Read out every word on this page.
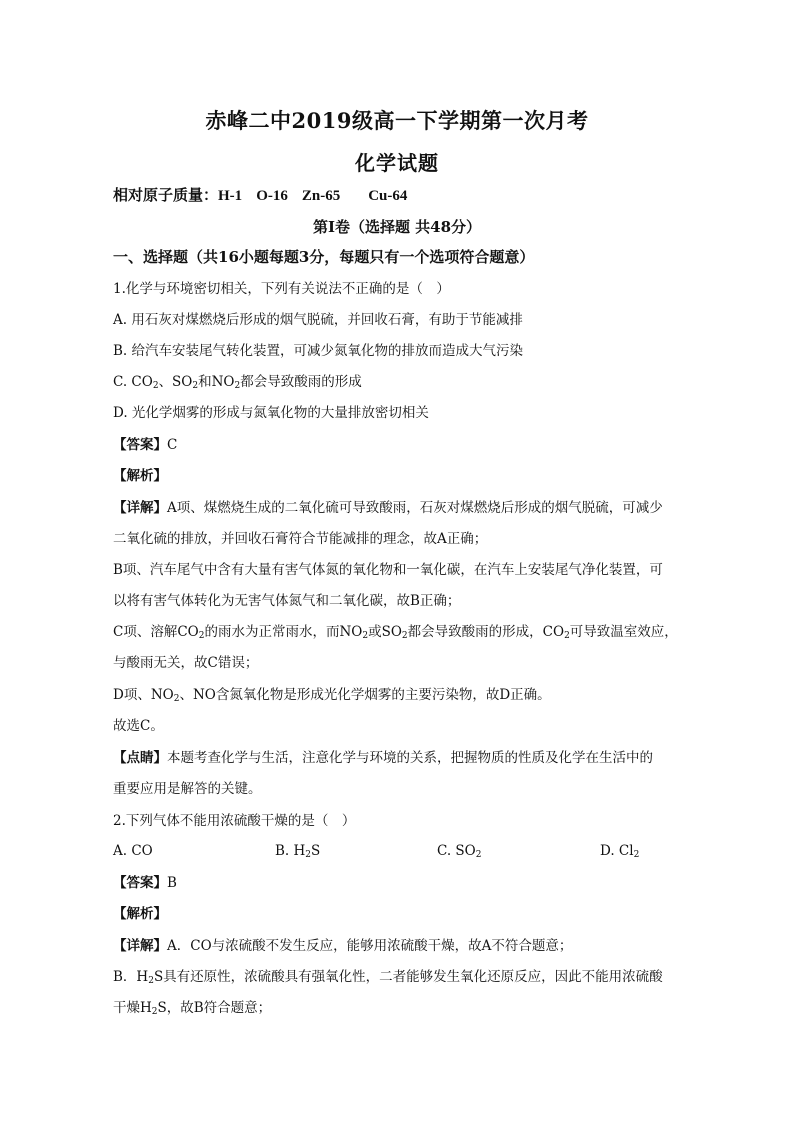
赤峰二中2019级高一下学期第一次月考
化学试题
相对原子质量：H-1 O-16 Zn-65 Cu-64
第Ⅰ卷（选择题 共48分）
一、选择题（共16小题每题3分，每题只有一个选项符合题意）
1.化学与环境密切相关，下列有关说法不正确的是（　）
A. 用石灰对煤燃烧后形成的烟气脱硫，并回收石膏，有助于节能减排
B. 给汽车安装尾气转化装置，可减少氮氧化物的排放而造成大气污染
C. $CO_2$、$SO_2$和$NO_2$都会导致酸雨的形成
D. 光化学烟雾的形成与氮氧化物的大量排放密切相关
【答案】C
【解析】
【详解】A项、煤燃烧生成的二氧化硫可导致酸雨，石灰对煤燃烧后形成的烟气脱硫，可减少
二氧化硫的排放，并回收石膏符合节能减排的理念，故A正确；
B项、汽车尾气中含有大量有害气体氮的氧化物和一氧化碳，在汽车上安装尾气净化装置，可
以将有害气体转化为无害气体氮气和二氧化碳，故B正确；
C项、溶解$CO_2$的雨水为正常雨水，而$NO_2$或$SO_2$都会导致酸雨的形成，$CO_2$可导致温室效应，
与酸雨无关，故C错误；
D项、$NO_2$、NO含氮氧化物是形成光化学烟雾的主要污染物，故D正确。
故选C。
【点睛】本题考查化学与生活，注意化学与环境的关系，把握物质的性质及化学在生活中的
重要应用是解答的关键。
2.下列气体不能用浓硫酸干燥的是（　）
A. CO	B. $H_2S$	C. $SO_2$	D. $Cl_2$
【答案】B
【解析】
【详解】A．CO与浓硫酸不发生反应，能够用浓硫酸干燥，故A不符合题意；
B．$H_2S$具有还原性，浓硫酸具有强氧化性，二者能够发生氧化还原反应，因此不能用浓硫酸
干燥$H_2S$，故B符合题意；
